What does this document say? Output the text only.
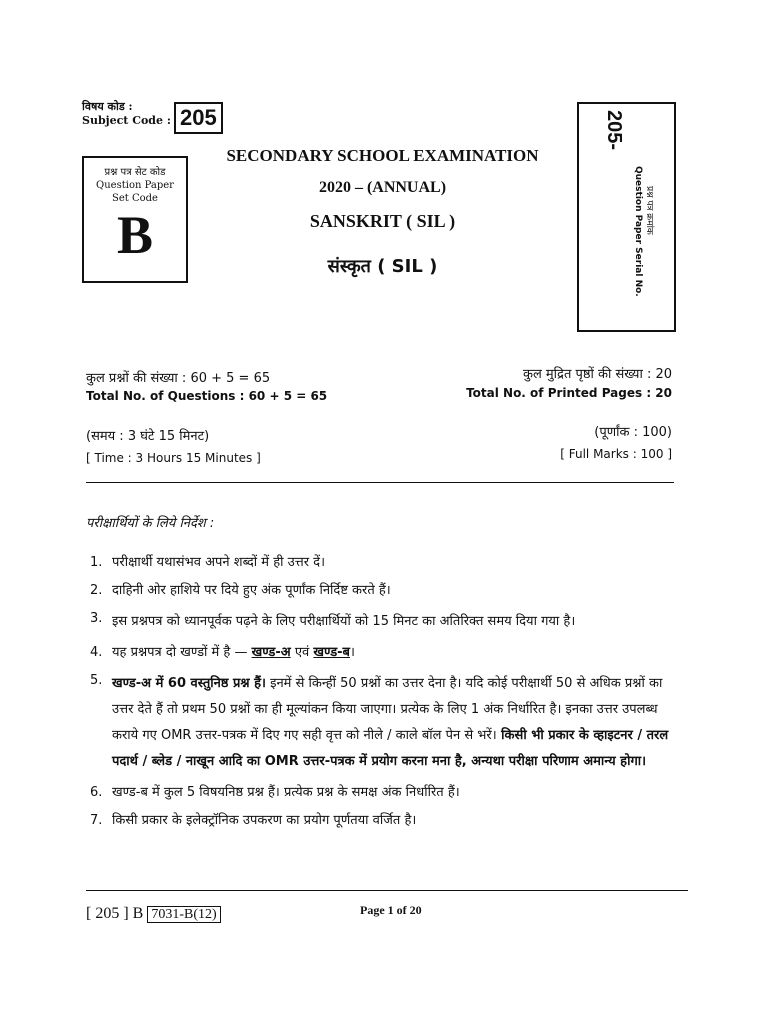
विषय कोड :
Subject Code : 205
प्रश्न पत्र सेट कोड
Question Paper
Set Code
B
SECONDARY SCHOOL EXAMINATION
2020 – (ANNUAL)
SANSKRIT ( SIL )
संस्कृत ( SIL )
205-
Question Paper Serial No. प्रश्न पत्र क्रमांक
कुल प्रश्नों की संख्या : 60 + 5 = 65
Total No. of Questions : 60 + 5 = 65
कुल मुद्रित पृष्ठों की संख्या : 20
Total No. of Printed Pages : 20
(समय : 3 घंटे 15 मिनट)
[ Time : 3 Hours 15 Minutes ]
(पूर्णांक : 100)
[ Full Marks : 100 ]
परीक्षार्थियों के लिये निर्देश :
1. परीक्षार्थी यथासंभव अपने शब्दों में ही उत्तर दें।
2. दाहिनी ओर हाशिये पर दिये हुए अंक पूर्णांक निर्दिष्ट करते हैं।
3. इस प्रश्नपत्र को ध्यानपूर्वक पढ़ने के लिए परीक्षार्थियों को 15 मिनट का अतिरिक्त समय दिया गया है।
4. यह प्रश्नपत्र दो खण्डों में है — खण्ड-अ एवं खण्ड-ब।
5. खण्ड-अ में 60 वस्तुनिष्ठ प्रश्न हैं। इनमें से किन्हीं 50 प्रश्नों का उत्तर देना है। यदि कोई परीक्षार्थी 50 से अधिक प्रश्नों का उत्तर देते हैं तो प्रथम 50 प्रश्नों का ही मूल्यांकन किया जाएगा। प्रत्येक के लिए 1 अंक निर्धारित है। इनका उत्तर उपलब्ध कराये गए OMR उत्तर-पत्रक में दिए गए सही वृत्त को नीले / काले बॉल पेन से भरें। किसी भी प्रकार के व्हाइटनर / तरल पदार्थ / ब्लेड / नाखून आदि का OMR उत्तर-पत्रक में प्रयोग करना मना है, अन्यथा परीक्षा परिणाम अमान्य होगा।
6. खण्ड-ब में कुल 5 विषयनिष्ठ प्रश्न हैं। प्रत्येक प्रश्न के समक्ष अंक निर्धारित हैं।
7. किसी प्रकार के इलेक्ट्रॉनिक उपकरण का प्रयोग पूर्णतया वर्जित है।
[ 205 ] B 7031-B(12)	Page 1 of 20
